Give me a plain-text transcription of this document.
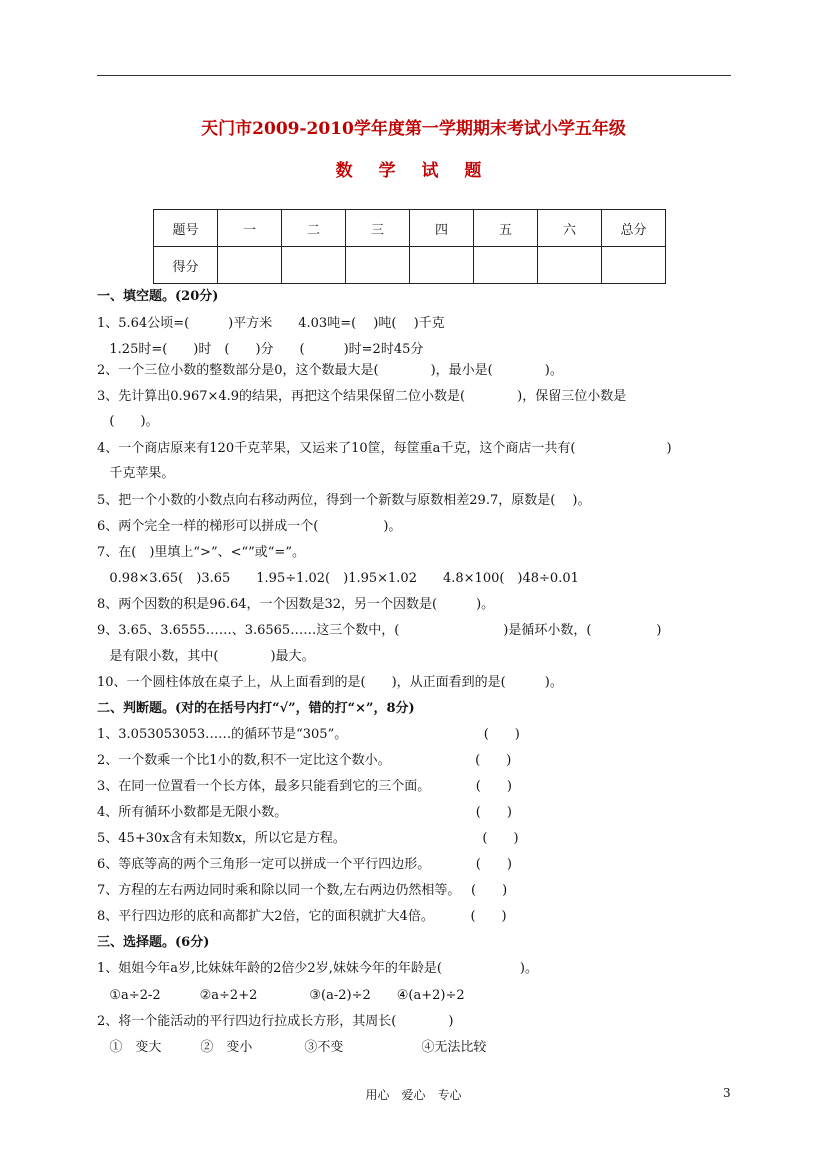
天门市2009-2010学年度第一学期期末考试小学五年级
数 学 试 题
题号	一	二	三	四	五	六	总分
得分							
一、填空题。(20分)
1、5.64公顷=(　　　)平方米　　4.03吨=(　 )吨(　 )千克
1.25时=(　　)时　(　　)分　　(　　　)时=2时45分
2、一个三位小数的整数部分是0，这个数最大是(　　　　)，最小是(　　　　)。
3、先计算出0.967×4.9的结果，再把这个结果保留二位小数是(　　　　)，保留三位小数是
(　　)。
4、一个商店原来有120千克苹果，又运来了10筐，每筐重a千克，这个商店一共有(　　　　　　　)
千克苹果。
5、把一个小数的小数点向右移动两位，得到一个新数与原数相差29.7，原数是(　 )。
6、两个完全一样的梯形可以拼成一个(　　　　　)。
7、在(　)里填上“>”、<“”或“=”。
0.98×3.65(　)3.65　　1.95÷1.02(　)1.95×1.02　　4.8×100(　)48÷0.01
8、两个因数的积是96.64，一个因数是32，另一个因数是(　　　)。
9、3.65、3.6555……、3.6565……这三个数中，(　　　　　　　　)是循环小数，(　　　　　)
是有限小数，其中(　　　　)最大。
10、一个圆柱体放在桌子上，从上面看到的是(　　)，从正面看到的是(　　　)。
二、判断题。(对的在括号内打“√”，错的打“×”，8分)
1、3.053053053……的循环节是“305”。　　　　　　　　　　　(　　)
2、一个数乘一个比1小的数,积不一定比这个数小。　　　　　　　(　　)
3、在同一位置看一个长方体，最多只能看到它的三个面。　　　　(　　)
4、所有循环小数都是无限小数。　　　　　　　　　　　　　　　(　　)
5、45+30x含有未知数x，所以它是方程。　　　　　　　　　　　(　　)
6、等底等高的两个三角形一定可以拼成一个平行四边形。　　　　(　　)
7、方程的左右两边同时乘和除以同一个数,左右两边仍然相等。　 (　　)
8、平行四边形的底和高都扩大2倍，它的面积就扩大4倍。　　　 (　　)
三、选择题。(6分)
1、姐姐今年a岁,比妹妹年龄的2倍少2岁,妹妹今年的年龄是(　　　　　　)。
①a÷2-2　　　②a÷2+2　　　　③(a-2)÷2　　④(a+2)÷2
2、将一个能活动的平行四边行拉成长方形，其周长(　　　　)
①　变大　　　②　变小　　　　③不变　　　　　　④无法比较
用心　爱心　专心	3
